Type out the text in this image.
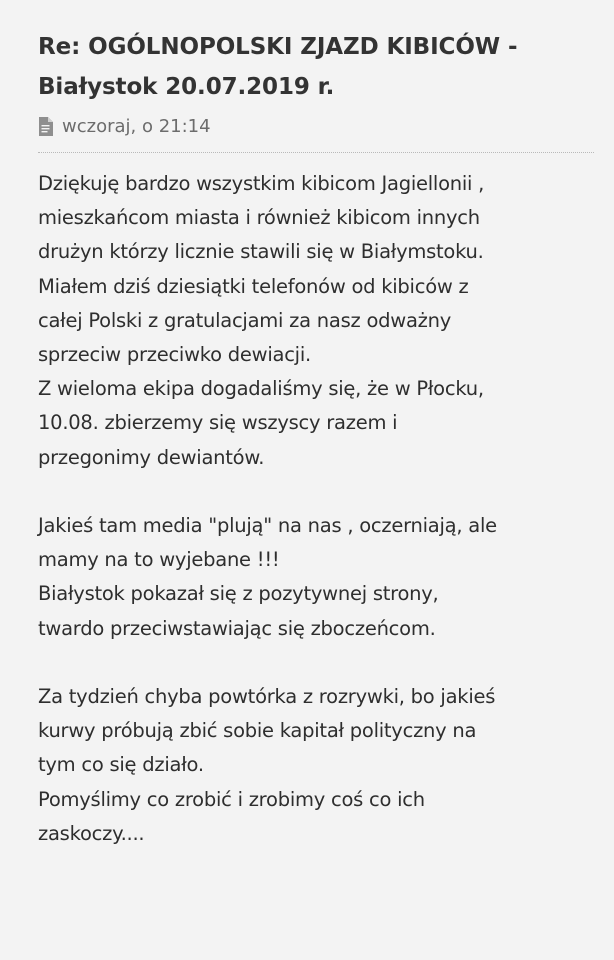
Re: OGÓLNOPOLSKI ZJAZD KIBICÓW -
Białystok 20.07.2019 r.
wczoraj, o 21:14

Dziękuję bardzo wszystkim kibicom Jagiellonii ,
mieszkańcom miasta i również kibicom innych
drużyn którzy licznie stawili się w Białymstoku.
Miałem dziś dziesiątki telefonów od kibiców z
całej Polski z gratulacjami za nasz odważny
sprzeciw przeciwko dewiacji.
Z wieloma ekipa dogadaliśmy się, że w Płocku,
10.08. zbierzemy się wszyscy razem i
przegonimy dewiantów.

Jakieś tam media "plują" na nas , oczerniają, ale
mamy na to wyjebane !!!
Białystok pokazał się z pozytywnej strony,
twardo przeciwstawiając się zboczeńcom.

Za tydzień chyba powtórka z rozrywki, bo jakieś
kurwy próbują zbić sobie kapitał polityczny na
tym co się działo.
Pomyślimy co zrobić i zrobimy coś co ich
zaskoczy....
